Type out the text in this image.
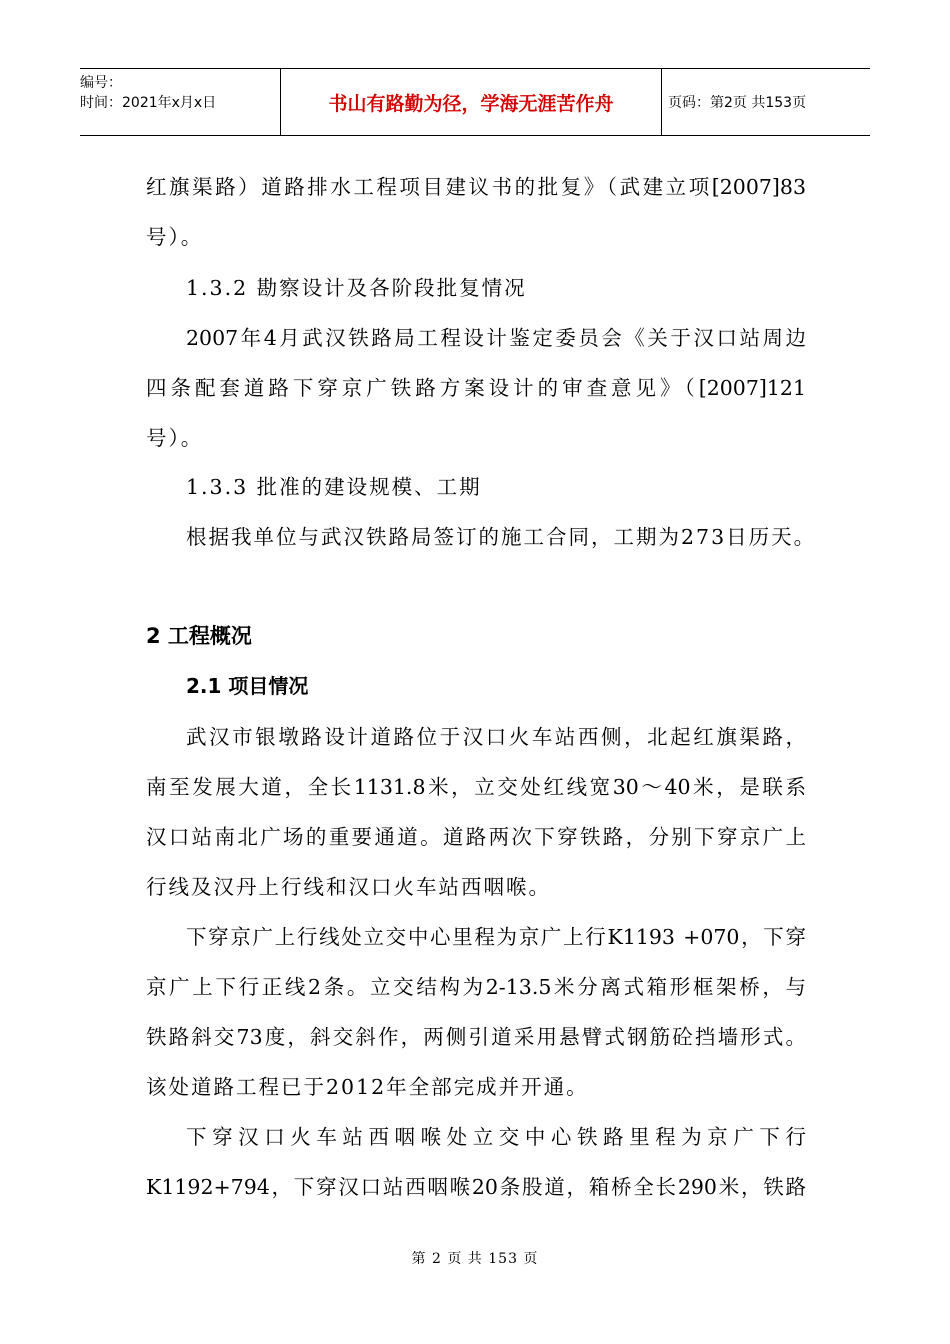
编号：
时间：2021年x月x日	书山有路勤为径，学海无涯苦作舟	页码：第2页 共153页
红旗渠路）道路排水工程项目建议书的批复》（武建立项[2007]83
号）。
1.3.2 勘察设计及各阶段批复情况
2007年4月武汉铁路局工程设计鉴定委员会《关于汉口站周边
四条配套道路下穿京广铁路方案设计的审查意见》（[2007]121
号）。
1.3.3 批准的建设规模、工期
根据我单位与武汉铁路局签订的施工合同，工期为273日历天。
2 工程概况
2.1 项目情况
武汉市银墩路设计道路位于汉口火车站西侧，北起红旗渠路，
南至发展大道，全长1131.8米，立交处红线宽30～40米，是联系
汉口站南北广场的重要通道。道路两次下穿铁路，分别下穿京广上
行线及汉丹上行线和汉口火车站西咽喉。
下穿京广上行线处立交中心里程为京广上行K1193 +070，下穿
京广上下行正线2条。立交结构为2-13.5米分离式箱形框架桥，与
铁路斜交73度，斜交斜作，两侧引道采用悬臂式钢筋砼挡墙形式。
该处道路工程已于2012年全部完成并开通。
下穿汉口火车站西咽喉处立交中心铁路里程为京广下行
K1192+794，下穿汉口站西咽喉20条股道，箱桥全长290米，铁路
第 2 页 共 153 页
